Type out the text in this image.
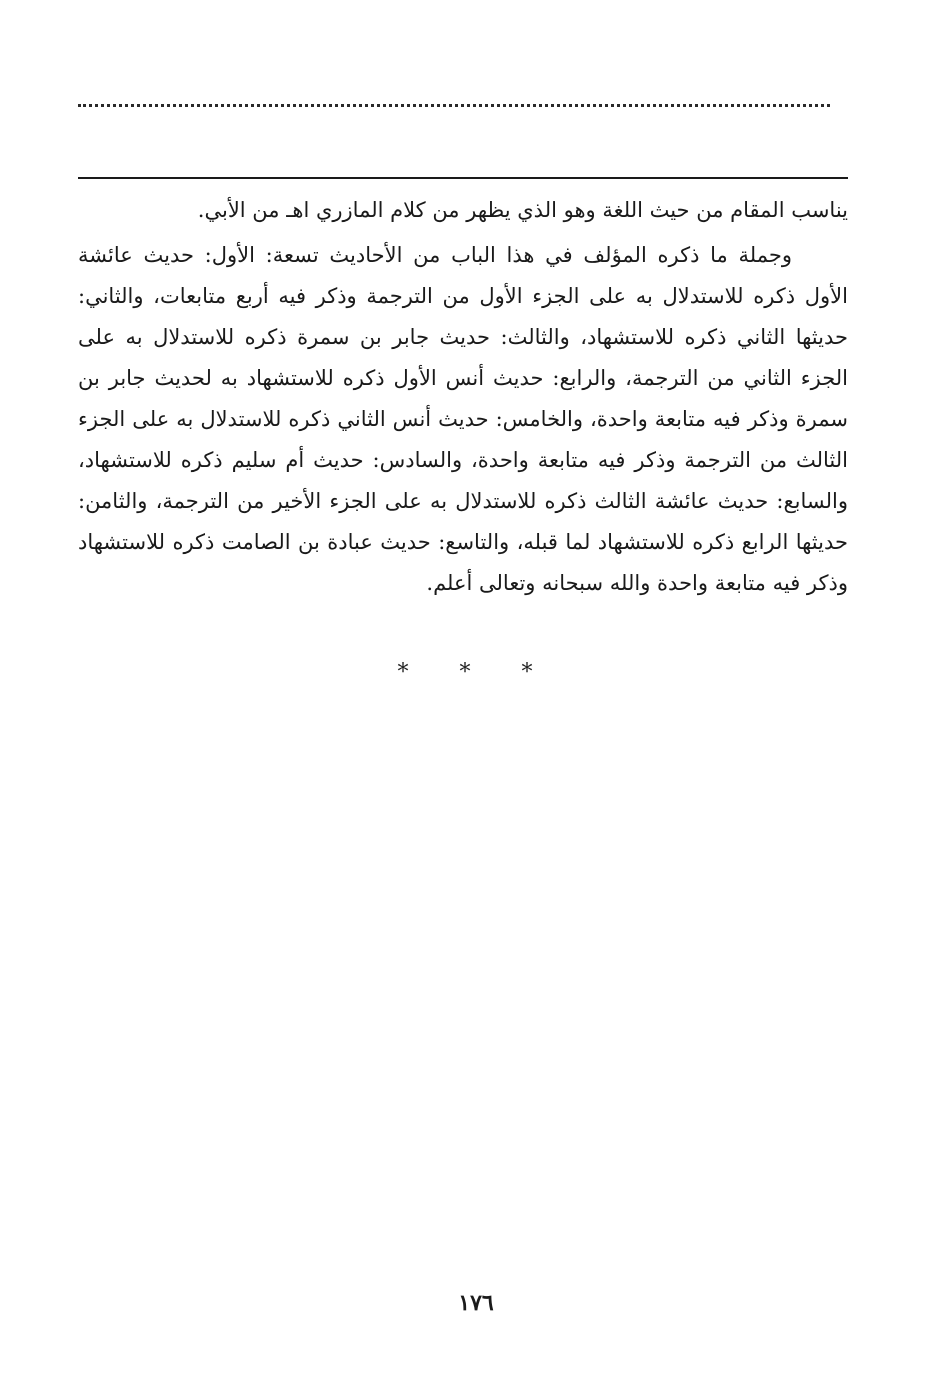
يناسب المقام من حيث اللغة وهو الذي يظهر من كلام المازري اهـ من الأبي.

وجملة ما ذكره المؤلف في هذا الباب من الأحاديث تسعة: الأول: حديث عائشة الأول ذكره للاستدلال به على الجزء الأول من الترجمة وذكر فيه أربع متابعات، والثاني: حديثها الثاني ذكره للاستشهاد، والثالث: حديث جابر بن سمرة ذكره للاستدلال به على الجزء الثاني من الترجمة، والرابع: حديث أنس الأول ذكره للاستشهاد به لحديث جابر بن سمرة وذكر فيه متابعة واحدة، والخامس: حديث أنس الثاني ذكره للاستدلال به على الجزء الثالث من الترجمة وذكر فيه متابعة واحدة، والسادس: حديث أم سليم ذكره للاستشهاد، والسابع: حديث عائشة الثالث ذكره للاستدلال به على الجزء الأخير من الترجمة، والثامن: حديثها الرابع ذكره للاستشهاد لما قبله، والتاسع: حديث عبادة بن الصامت ذكره للاستشهاد وذكر فيه متابعة واحدة والله سبحانه وتعالى أعلم.

* * *
١٧٦
